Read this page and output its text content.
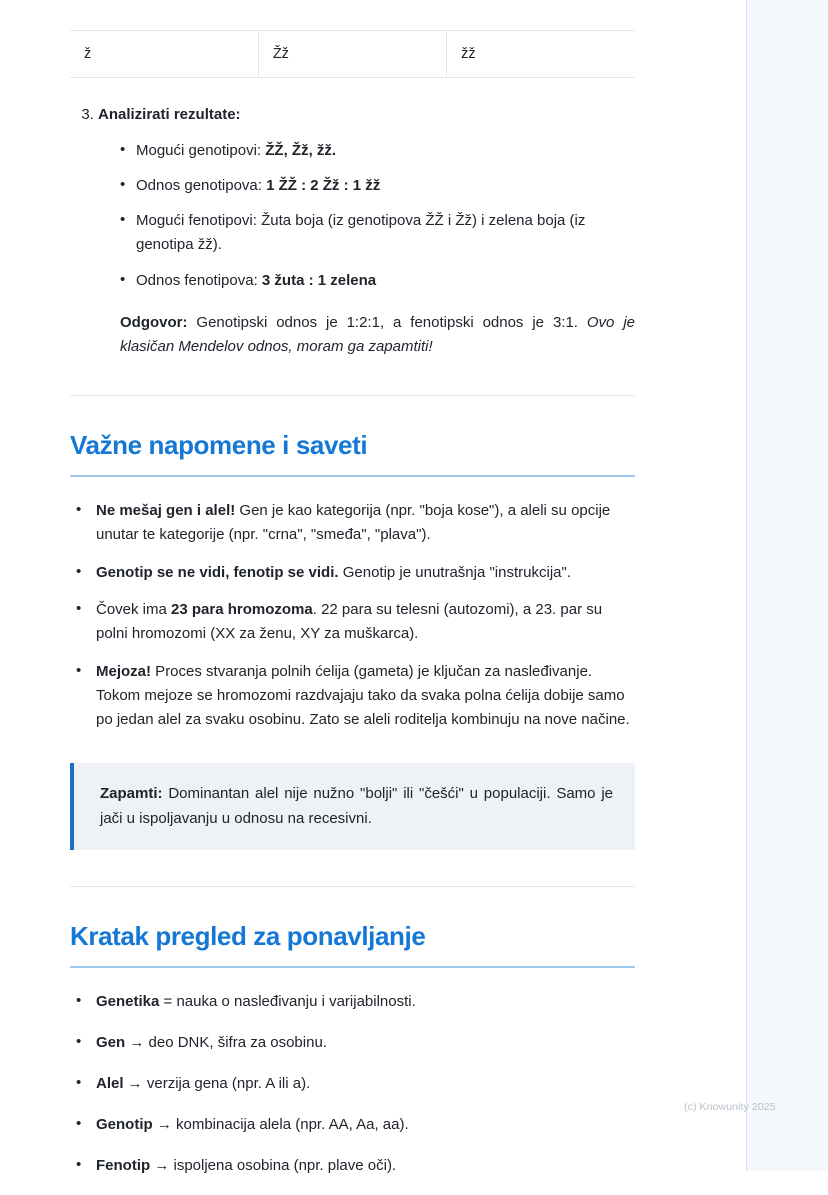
ž	Žž	žž
3. Analizirati rezultate:
• Mogući genotipovi: ŽŽ, Žž, žž.
• Odnos genotipova: 1 ŽŽ : 2 Žž : 1 žž
• Mogući fenotipovi: Žuta boja (iz genotipova ŽŽ i Žž) i zelena boja (iz genotipa žž).
• Odnos fenotipova: 3 žuta : 1 zelena
Odgovor: Genotipski odnos je 1:2:1, a fenotipski odnos je 3:1. Ovo je klasičan Mendelov odnos, moram ga zapamtiti!
Važne napomene i saveti
• Ne mešaj gen i alel! Gen je kao kategorija (npr. "boja kose"), a aleli su opcije unutar te kategorije (npr. "crna", "smeđa", "plava").
• Genotip se ne vidi, fenotip se vidi. Genotip je unutrašnja "instrukcija".
• Čovek ima 23 para hromozoma. 22 para su telesni (autozomi), a 23. par su polni hromozomi (XX za ženu, XY za muškarca).
• Mejoza! Proces stvaranja polnih ćelija (gameta) je ključan za nasleđivanje. Tokom mejoze se hromozomi razdvajaju tako da svaka polna ćelija dobije samo po jedan alel za svaku osobinu. Zato se aleli roditelja kombinuju na nove načine.
Zapamti: Dominantan alel nije nužno "bolji" ili "češći" u populaciji. Samo je jači u ispoljavanju u odnosu na recesivni.
Kratak pregled za ponavljanje
• Genetika = nauka o nasleđivanju i varijabilnosti.
• Gen → deo DNK, šifra za osobinu.
• Alel → verzija gena (npr. A ili a).
• Genotip → kombinacija alela (npr. AA, Aa, aa).
• Fenotip → ispoljena osobina (npr. plave oči).
(c) Knowunity 2025
